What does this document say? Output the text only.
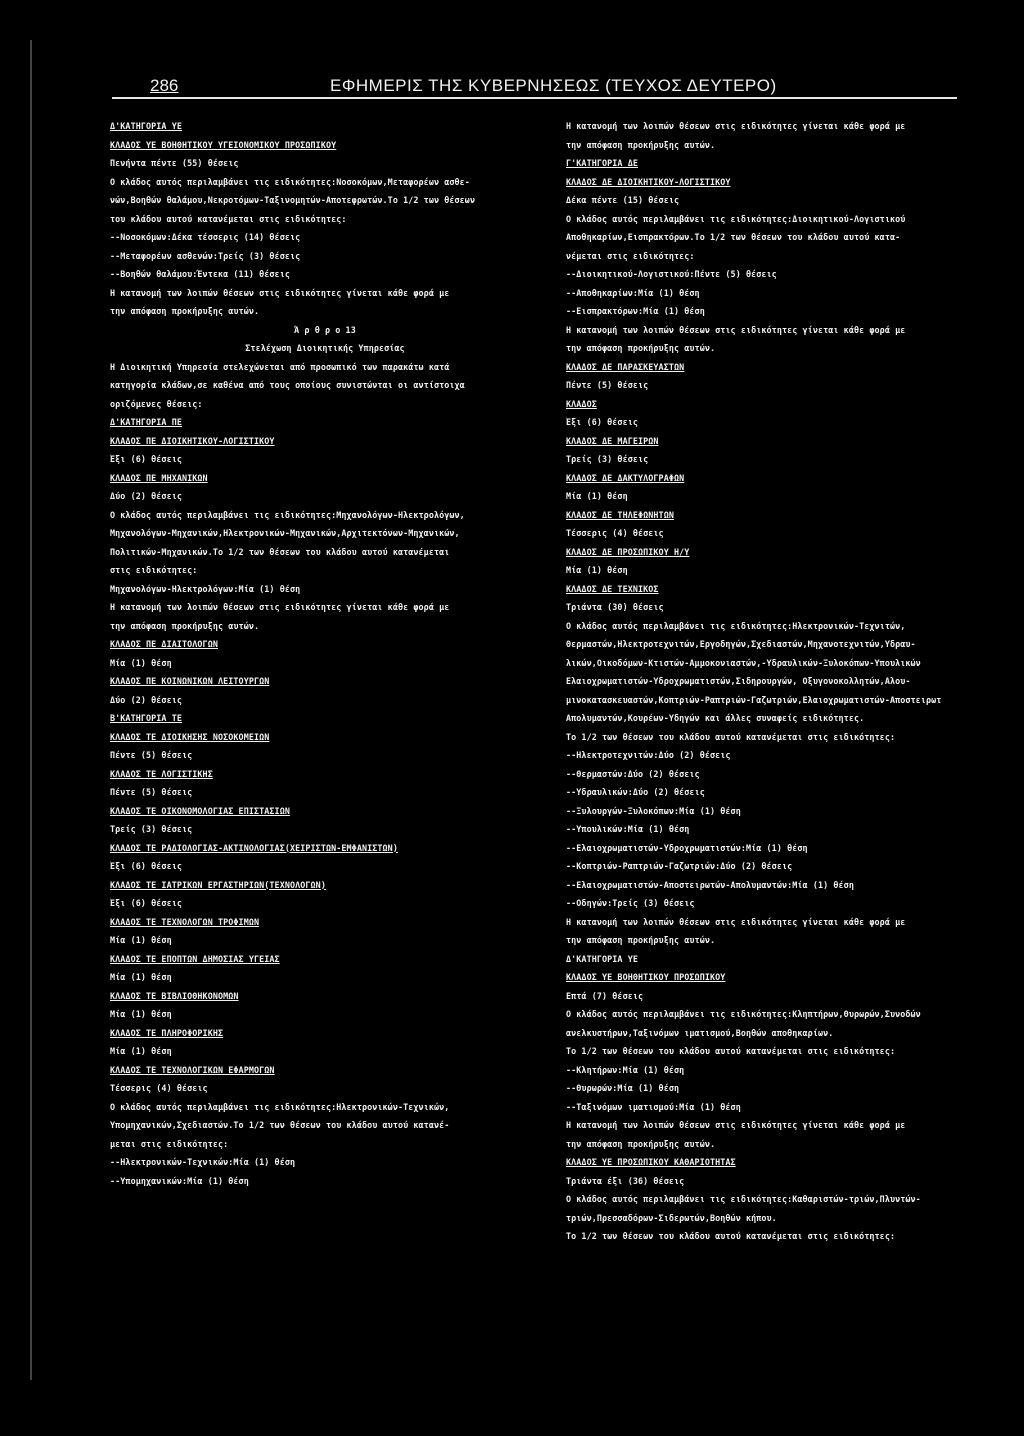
286	ΕΦΗΜΕΡΙΣ ΤΗΣ ΚΥΒΕΡΝΗΣΕΩΣ (ΤΕΥΧΟΣ ΔΕΥΤΕΡΟ)

Δ'ΚΑΤΗΓΟΡΙΑ ΥΕ

ΚΛΑΔΟΣ ΥΕ ΒΟΗΘΗΤΙΚΟΥ ΥΓΕΙΟΝΟΜΙΚΟΥ ΠΡΟΣΩΠΙΚΟΥ

Πενήντα πέντε (55) θέσεις

Ο κλάδος αυτός περιλαμβάνει τις ειδικότητες:Νοσοκόμων,Μεταφορέων ασθε-

νών,Βοηθών θαλάμου,Νεκροτόμων-Ταξινομητών-Αποτεφρωτών.Το 1/2 των θέσεων

του κλάδου αυτού κατανέμεται στις ειδικότητες:

--Νοσοκόμων:Δέκα τέσσερις (14) θέσεις

--Μεταφορέων ασθενών:Τρείς (3) θέσεις

--Βοηθών θαλάμου:Έντεκα (11) θέσεις

Η κατανομή των λοιπών θέσεων στις ειδικότητες γίνεται κάθε φορά με

την απόφαση προκήρυξης αυτών.

Ά ρ θ ρ ο 13

Στελέχωση Διοικητικής Υπηρεσίας

Η Διοικητική Υπηρεσία στελεχώνεται από προσωπικό των παρακάτω κατά

κατηγορία κλάδων,σε καθένα από τους οποίους συνιστώνται οι αντίστοιχα

οριζόμενες θέσεις:

Δ'ΚΑΤΗΓΟΡΙΑ ΠΕ

ΚΛΑΔΟΣ ΠΕ ΔΙΟΙΚΗΤΙΚΟΥ-ΛΟΓΙΣΤΙΚΟΥ

Έξι (6) θέσεις

ΚΛΑΔΟΣ ΠΕ ΜΗΧΑΝΙΚΩΝ

Δύο (2) θέσεις

Ο κλάδος αυτός περιλαμβάνει τις ειδικότητες:Μηχανολόγων-Ηλεκτρολόγων,

Μηχανολόγων-Μηχανικών,Ηλεκτρονικών-Μηχανικών,Αρχιτεκτόνων-Μηχανικών,

Πολιτικών-Μηχανικών.Το 1/2 των θέσεων του κλάδου αυτού κατανέμεται

στις ειδικότητες:

Μηχανολόγων-Ηλεκτρολόγων:Μία (1) θέση

Η κατανομή των λοιπών θέσεων στις ειδικότητες γίνεται κάθε φορά με

την απόφαση προκήρυξης αυτών.

ΚΛΑΔΟΣ ΠΕ ΔΙΑΙΤΟΛΟΓΩΝ

Μία (1) θέση

ΚΛΑΔΟΣ ΠΕ ΚΟΙΝΩΝΙΚΩΝ ΛΕΙΤΟΥΡΓΩΝ

Δύο (2) θέσεις

Β'ΚΑΤΗΓΟΡΙΑ ΤΕ

ΚΛΑΔΟΣ ΤΕ ΔΙΟΙΚΗΣΗΣ ΝΟΣΟΚΟΜΕΙΩΝ

Πέντε (5) θέσεις

ΚΛΑΔΟΣ ΤΕ ΛΟΓΙΣΤΙΚΗΣ

Πέντε (5) θέσεις

ΚΛΑΔΟΣ ΤΕ ΟΙΚΟΝΟΜΟΛΟΓΙΑΣ ΕΠΙΣΤΑΣΙΩΝ

Τρείς (3) θέσεις

ΚΛΑΔΟΣ ΤΕ ΡΑΔΙΟΛΟΓΙΑΣ-ΑΚΤΙΝΟΛΟΓΙΑΣ(ΧΕΙΡΙΣΤΩΝ-ΕΜΦΑΝΙΣΤΩΝ)

Έξι (6) θέσεις

ΚΛΑΔΟΣ ΤΕ ΙΑΤΡΙΚΩΝ ΕΡΓΑΣΤΗΡΙΩΝ(ΤΕΧΝΟΛΟΓΩΝ)

Έξι (6) θέσεις

ΚΛΑΔΟΣ ΤΕ ΤΕΧΝΟΛΟΓΩΝ ΤΡΟΦΙΜΩΝ

Μία (1) θέση

ΚΛΑΔΟΣ ΤΕ ΕΠΟΠΤΩΝ ΔΗΜΟΣΙΑΣ ΥΓΕΙΑΣ

Μία (1) θέση

ΚΛΑΔΟΣ ΤΕ ΒΙΒΛΙΟΘΗΚΟΝΟΜΩΝ

Μία (1) θέση

ΚΛΑΔΟΣ ΤΕ ΠΛΗΡΟΦΟΡΙΚΗΣ

Μία (1) θέση

ΚΛΑΔΟΣ ΤΕ ΤΕΧΝΟΛΟΓΙΚΩΝ ΕΦΑΡΜΟΓΩΝ

Τέσσερις (4) θέσεις

Ο κλάδος αυτός περιλαμβάνει τις ειδικότητες:Ηλεκτρονικών-Τεχνικών,

Υπομηχανικών,Σχεδιαστών.Το 1/2 των θέσεων του κλάδου αυτού κατανέ-

μεται στις ειδικότητες:

--Ηλεκτρονικών-Τεχνικών:Μία (1) θέση

--Υπομηχανικών:Μία (1) θέση

Η κατανομή των λοιπών θέσεων στις ειδικότητες γίνεται κάθε φορά με

την απόφαση προκήρυξης αυτών.

Γ'ΚΑΤΗΓΟΡΙΑ ΔΕ

ΚΛΑΔΟΣ ΔΕ ΔΙΟΙΚΗΤΙΚΟΥ-ΛΟΓΙΣΤΙΚΟΥ

Δέκα πέντε (15) θέσεις

Ο κλάδος αυτός περιλαμβάνει τις ειδικότητες:Διοικητικού-Λογιστικού

Αποθηκαρίων,Εισπρακτόρων.Το 1/2 των θέσεων του κλάδου αυτού κατα-

νέμεται στις ειδικότητες:

--Διοικητικού-Λογιστικού:Πέντε (5) θέσεις

--Αποθηκαρίων:Μία (1) θέση

--Εισπρακτόρων:Μία (1) θέση

Η κατανομή των λοιπών θέσεων στις ειδικότητες γίνεται κάθε φορά με

την απόφαση προκήρυξης αυτών.

ΚΛΑΔΟΣ ΔΕ ΠΑΡΑΣΚΕΥΑΣΤΩΝ

Πέντε (5) θέσεις

ΚΛΑΔΟΣ

Έξι (6) θέσεις

ΚΛΑΔΟΣ ΔΕ ΜΑΓΕΙΡΩΝ

Τρείς (3) θέσεις

ΚΛΑΔΟΣ ΔΕ ΔΑΚΤΥΛΟΓΡΑΦΩΝ

Μία (1) θέση

ΚΛΑΔΟΣ ΔΕ ΤΗΛΕΦΩΝΗΤΩΝ

Τέσσερις (4) θέσεις

ΚΛΑΔΟΣ ΔΕ ΠΡΟΣΩΠΙΚΟΥ Η/Υ

Μία (1) θέση

ΚΛΑΔΟΣ ΔΕ ΤΕΧΝΙΚΟΣ

Τριάντα (30) θέσεις

Ο κλάδος αυτός περιλαμβάνει τις ειδικότητες:Ηλεκτρονικών-Τεχνιτών,

Θερμαστών,Ηλεκτροτεχνιτών,Εργοδηγών,Σχεδιαστών,Μηχανοτεχνιτών,Υδραυ-

λικών,Οικοδόμων-Κτιστών-Αμμοκονιαστών,-Υδραυλικών-Ξυλοκόπων-Υπουλικών

Ελαιοχρωματιστών-Υδροχρωματιστών,Σιδηρουργών, Οξυγονοκολλητών,Αλου-

μινοκατασκευαστών,Κοπτριών-Ραπτριών-Γαζωτριών,Ελαιοχρωματιστών-Αποστειρωτ

Απολυμαντών,Κουρέων-Υδηγών και άλλες συναφείς ειδικότητες.

Το 1/2 των θέσεων του κλάδου αυτού κατανέμεται στις ειδικότητες:

--Ηλεκτροτεχνιτών:Δύο (2) θέσεις

--Θερμαστών:Δύο (2) θέσεις

--Υδραυλικών:Δύο (2) θέσεις

--Ξυλουργών-Ξυλοκόπων:Μία (1) θέση

--Υπουλικών:Μία (1) θέση

--Ελαιοχρωματιστών-Υδροχρωματιστών:Μία (1) θέση

--Κοπτριών-Ραπτριών-Γαζωτριών:Δύο (2) θέσεις

--Ελαιοχρωματιστών-Αποστειρωτών-Απολυμαντών:Μία (1) θέση

--Οδηγών:Τρείς (3) θέσεις

Η κατανομή των λοιπών θέσεων στις ειδικότητες γίνεται κάθε φορά με

την απόφαση προκήρυξης αυτών.

Δ'ΚΑΤΗΓΟΡΙΑ ΥΕ

ΚΛΑΔΟΣ ΥΕ ΒΟΗΘΗΤΙΚΟΥ ΠΡΟΣΩΠΙΚΟΥ

Επτά (7) θέσεις

Ο κλάδος αυτός περιλαμβάνει τις ειδικότητες:Κληπτήρων,Θυρωρών,Συνοδών

ανελκυστήρων,Ταξινόμων ιματισμού,Βοηθών αποθηκαρίων.

Το 1/2 των θέσεων του κλάδου αυτού κατανέμεται στις ειδικότητες:

--Κλητήρων:Μία (1) θέση

--Θυρωρών:Μία (1) θέση

--Ταξινόμων ιματισμού:Μία (1) θέση

Η κατανομή των λοιπών θέσεων στις ειδικότητες γίνεται κάθε φορά με

την απόφαση προκήρυξης αυτών.

ΚΛΑΔΟΣ ΥΕ ΠΡΟΣΩΠΙΚΟΥ ΚΑΘΑΡΙΟΤΗΤΑΣ

Τριάντα έξι (36) θέσεις

Ο κλάδος αυτός περιλαμβάνει τις ειδικότητες:Καθαριστών-τριών,Πλυντών-

τριών,Πρεσσαδόρων-Σιδερωτών,Βοηθών κήπου.

Το 1/2 των θέσεων του κλάδου αυτού κατανέμεται στις ειδικότητες:
